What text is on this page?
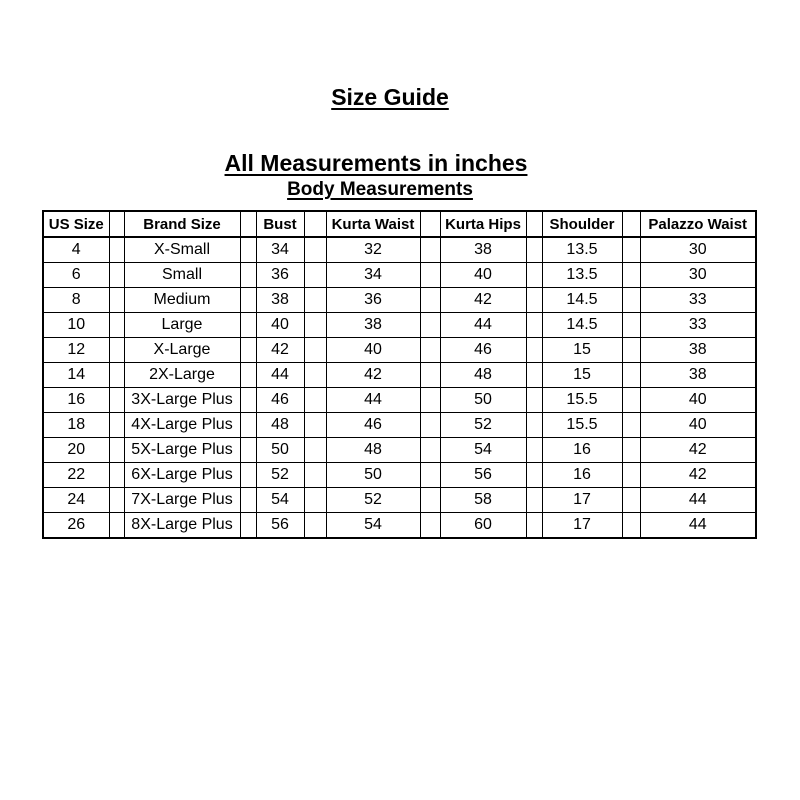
Size Guide
All Measurements in inches
Body Measurements
US Size		Brand Size		Bust		Kurta Waist		Kurta Hips		Shoulder		Palazzo Waist
4		X-Small		34		32		38		13.5		30
6		Small		36		34		40		13.5		30
8		Medium		38		36		42		14.5		33
10		Large		40		38		44		14.5		33
12		X-Large		42		40		46		15		38
14		2X-Large		44		42		48		15		38
16		3X-Large Plus		46		44		50		15.5		40
18		4X-Large Plus		48		46		52		15.5		40
20		5X-Large Plus		50		48		54		16		42
22		6X-Large Plus		52		50		56		16		42
24		7X-Large Plus		54		52		58		17		44
26		8X-Large Plus		56		54		60		17		44
